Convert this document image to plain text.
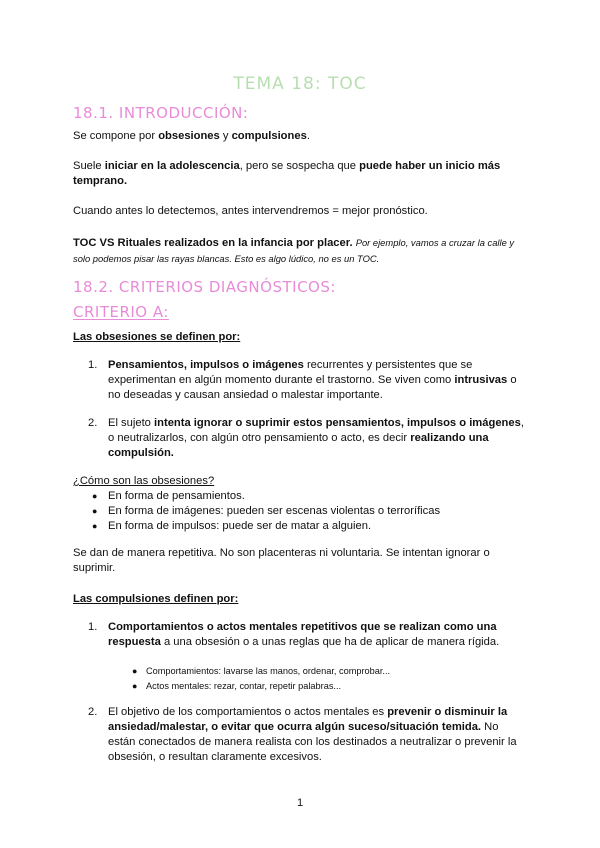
TEMA 18: TOC
18.1. INTRODUCCIÓN:
Se compone por obsesiones y compulsiones.
Suele iniciar en la adolescencia, pero se sospecha que puede haber un inicio más temprano.
Cuando antes lo detectemos, antes intervendremos = mejor pronóstico.
TOC VS Rituales realizados en la infancia por placer. Por ejemplo, vamos a cruzar la calle y solo podemos pisar las rayas blancas. Esto es algo lúdico, no es un TOC.
18.2. CRITERIOS DIAGNÓSTICOS:
CRITERIO A:
Las obsesiones se definen por:
1. Pensamientos, impulsos o imágenes recurrentes y persistentes que se experimentan en algún momento durante el trastorno. Se viven como intrusivas o no deseadas y causan ansiedad o malestar importante.
2. El sujeto intenta ignorar o suprimir estos pensamientos, impulsos o imágenes, o neutralizarlos, con algún otro pensamiento o acto, es decir realizando una compulsión.
¿Cómo son las obsesiones?
● En forma de pensamientos.
● En forma de imágenes: pueden ser escenas violentas o terroríficas
● En forma de impulsos: puede ser de matar a alguien.
Se dan de manera repetitiva. No son placenteras ni voluntaria. Se intentan ignorar o suprimir.
Las compulsiones definen por:
1. Comportamientos o actos mentales repetitivos que se realizan como una respuesta a una obsesión o a unas reglas que ha de aplicar de manera rígida.
● Comportamientos: lavarse las manos, ordenar, comprobar...
● Actos mentales: rezar, contar, repetir palabras...
2. El objetivo de los comportamientos o actos mentales es prevenir o disminuir la ansiedad/malestar, o evitar que ocurra algún suceso/situación temida. No están conectados de manera realista con los destinados a neutralizar o prevenir la obsesión, o resultan claramente excesivos.
1
